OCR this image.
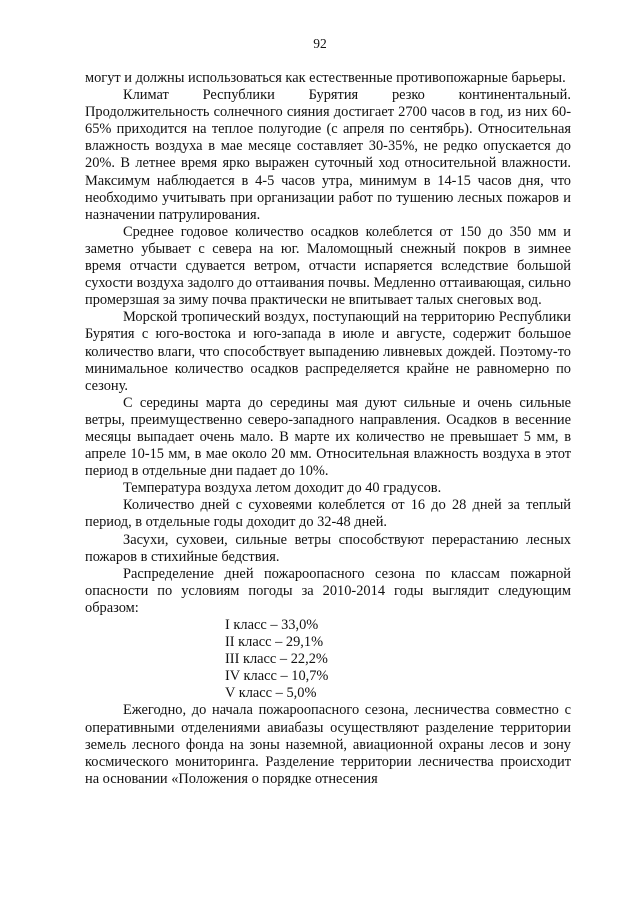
92

могут и должны использоваться как естественные противопожарные барьеры.

Климат Республики Бурятия резко континентальный. Продолжительность солнечного сияния достигает 2700 часов в год, из них 60-65% приходится на теплое полугодие (с апреля по сентябрь). Относительная влажность воздуха в мае месяце составляет 30-35%, не редко опускается до 20%. В летнее время ярко выражен суточный ход относительной влажности. Максимум наблюдается в 4-5 часов утра, минимум в 14-15 часов дня, что необходимо учитывать при организации работ по тушению лесных пожаров и назначении патрулирования.

Среднее годовое количество осадков колеблется от 150 до 350 мм и заметно убывает с севера на юг. Маломощный снежный покров в зимнее время отчасти сдувается ветром, отчасти испаряется вследствие большой сухости воздуха задолго до оттаивания почвы. Медленно оттаивающая, сильно промерзшая за зиму почва практически не впитывает талых снеговых вод.

Морской тропический воздух, поступающий на территорию Республики Бурятия с юго-востока и юго-запада в июле и августе, содержит большое количество влаги, что способствует выпадению ливневых дождей. Поэтому-то минимальное количество осадков распределяется крайне не равномерно по сезону.

С середины марта до середины мая дуют сильные и очень сильные ветры, преимущественно северо-западного направления. Осадков в весенние месяцы выпадает очень мало. В марте их количество не превышает 5 мм, в апреле 10-15 мм, в мае около 20 мм. Относительная влажность воздуха в этот период в отдельные дни падает до 10%.

Температура воздуха летом доходит до 40 градусов.

Количество дней с суховеями колеблется от 16 до 28 дней за теплый период, в отдельные годы доходит до 32-48 дней.

Засухи, суховеи, сильные ветры способствуют перерастанию лесных пожаров в стихийные бедствия.

Распределение дней пожароопасного сезона по классам пожарной опасности по условиям погоды за 2010-2014 годы выглядит следующим образом:

I класс – 33,0%

II класс – 29,1%

III класс – 22,2%

IV класс – 10,7%

V класс – 5,0%

Ежегодно, до начала пожароопасного сезона, лесничества совместно с оперативными отделениями авиабазы осуществляют разделение территории земель лесного фонда на зоны наземной, авиационной охраны лесов и зону космического мониторинга. Разделение территории лесничества происходит на основании «Положения о порядке отнесения
